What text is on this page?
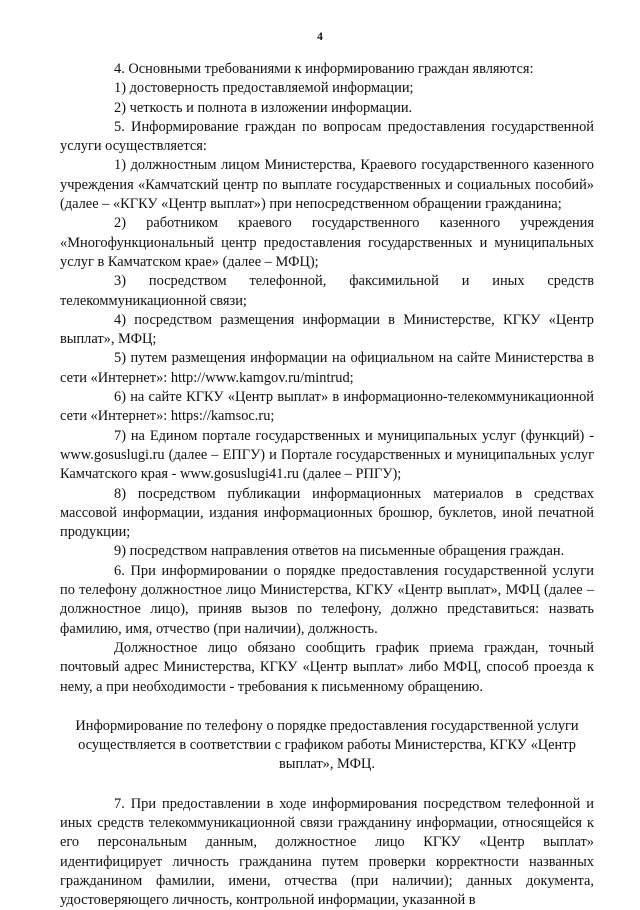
4

4. Основными требованиями к информированию граждан являются:

1) достоверность предоставляемой информации;

2) четкость и полнота в изложении информации.

5. Информирование граждан по вопросам предоставления государственной услуги осуществляется:

1) должностным лицом Министерства, Краевого государственного казенного учреждения «Камчатский центр по выплате государственных и социальных пособий» (далее – «КГКУ «Центр выплат») при непосредственном обращении гражданина;

2) работником краевого государственного казенного учреждения «Многофункциональный центр предоставления государственных и муниципальных услуг в Камчатском крае» (далее – МФЦ);

3) посредством телефонной, факсимильной и иных средств телекоммуникационной связи;

4) посредством размещения информации в Министерстве, КГКУ «Центр выплат», МФЦ;

5) путем размещения информации на официальном на сайте Министерства в сети «Интернет»: http://www.kamgov.ru/mintrud;

6) на сайте КГКУ «Центр выплат» в информационно-телекоммуникационной сети «Интернет»: https://kamsoc.ru;

7) на Едином портале государственных и муниципальных услуг (функций) - www.gosuslugi.ru (далее – ЕПГУ) и Портале государственных и муниципальных услуг Камчатского края - www.gosuslugi41.ru (далее – РПГУ);

8) посредством публикации информационных материалов в средствах массовой информации, издания информационных брошюр, буклетов, иной печатной продукции;

9) посредством направления ответов на письменные обращения граждан.

6. При информировании о порядке предоставления государственной услуги по телефону должностное лицо Министерства, КГКУ «Центр выплат», МФЦ (далее – должностное лицо), приняв вызов по телефону, должно представиться: назвать фамилию, имя, отчество (при наличии), должность.

Должностное лицо обязано сообщить график приема граждан, точный почтовый адрес Министерства, КГКУ «Центр выплат» либо МФЦ, способ проезда к нему, а при необходимости - требования к письменному обращению.

Информирование по телефону о порядке предоставления государственной услуги осуществляется в соответствии с графиком работы Министерства, КГКУ «Центр выплат», МФЦ.

7. При предоставлении в ходе информирования посредством телефонной и иных средств телекоммуникационной связи гражданину информации, относящейся к его персональным данным, должностное лицо КГКУ «Центр выплат» идентифицирует личность гражданина путем проверки корректности названных гражданином фамилии, имени, отчества (при наличии); данных документа, удостоверяющего личность, контрольной информации, указанной в
